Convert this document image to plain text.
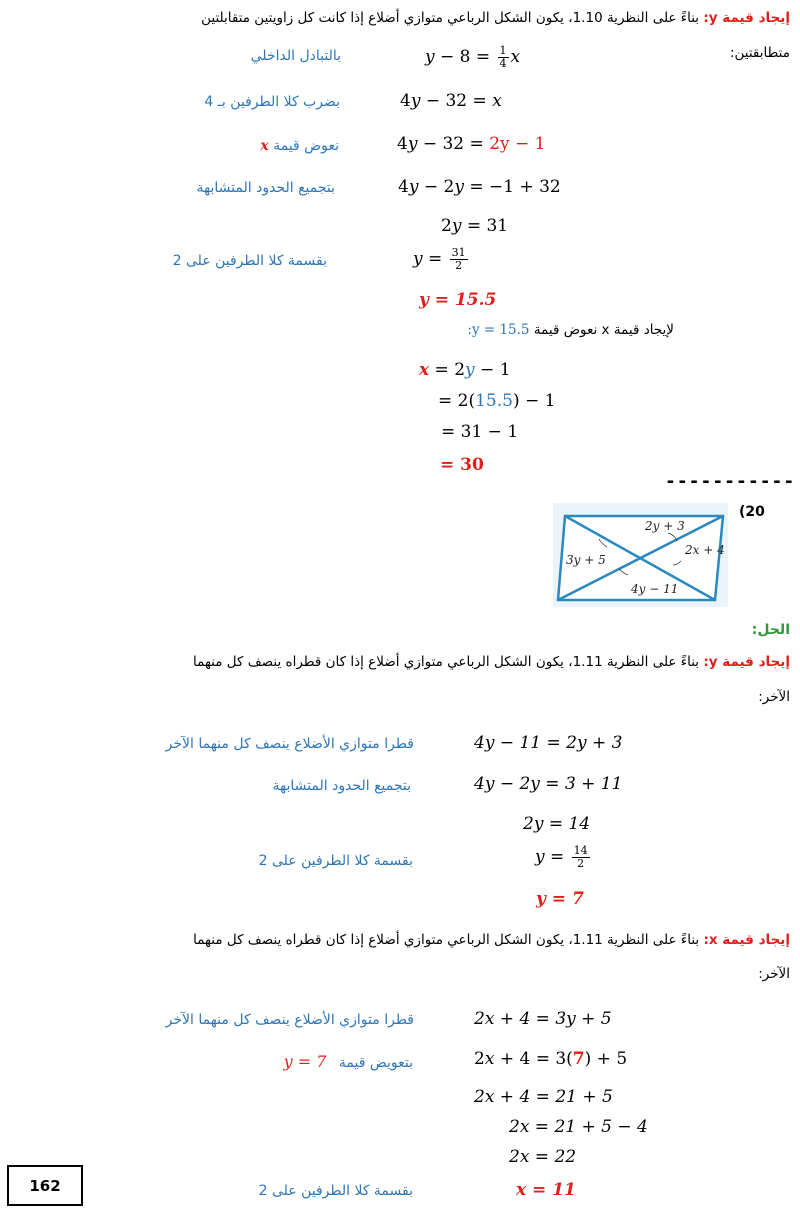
إيجاد قيمة y: بناءً على النظرية 1.10، يكون الشكل الرباعي متوازي أضلاع إذا كانت كل زاويتين متقابلتين
متطابقتين:
بالتبادل الداخلي	$y - 8 = \frac{1}{4}$ x
بضرب كلا الطرفين بـ 4	4y − 32 = x
نعوض قيمة x	4y − 32 = 2y − 1
بتجميع الحدود المتشابهة	4y − 2y = −1 + 32
2y = 31
بقسمة كلا الطرفين على 2	$y = \frac{31}{2}$
y = 15.5
لإيجاد قيمة x نعوض قيمة y = 15.5:
x = 2y − 1
= 2(15.5) − 1
= 31 − 1
= 30
-----------
(20
2y + 3
2x + 4
3y + 5
4y − 11
الحل:
إيجاد قيمة y: بناءً على النظرية 1.11، يكون الشكل الرباعي متوازي أضلاع إذا كان قطراه ينصف كل منهما
الآخر:
قطرا متوازي الأضلاع ينصف كل منهما الآخر	4y − 11 = 2y + 3
بتجميع الحدود المتشابهة	4y − 2y = 3 + 11
2y = 14
بقسمة كلا الطرفين على 2	$y = \frac{14}{2}$
y = 7
إيجاد قيمة x: بناءً على النظرية 1.11، يكون الشكل الرباعي متوازي أضلاع إذا كان قطراه ينصف كل منهما
الآخر:
قطرا متوازي الأضلاع ينصف كل منهما الآخر	2x + 4 = 3y + 5
بتعويض قيمة y = 7	2x + 4 = 3(7) + 5
2x + 4 = 21 + 5
2x = 21 + 5 − 4
2x = 22
بقسمة كلا الطرفين على 2	x = 11
162
